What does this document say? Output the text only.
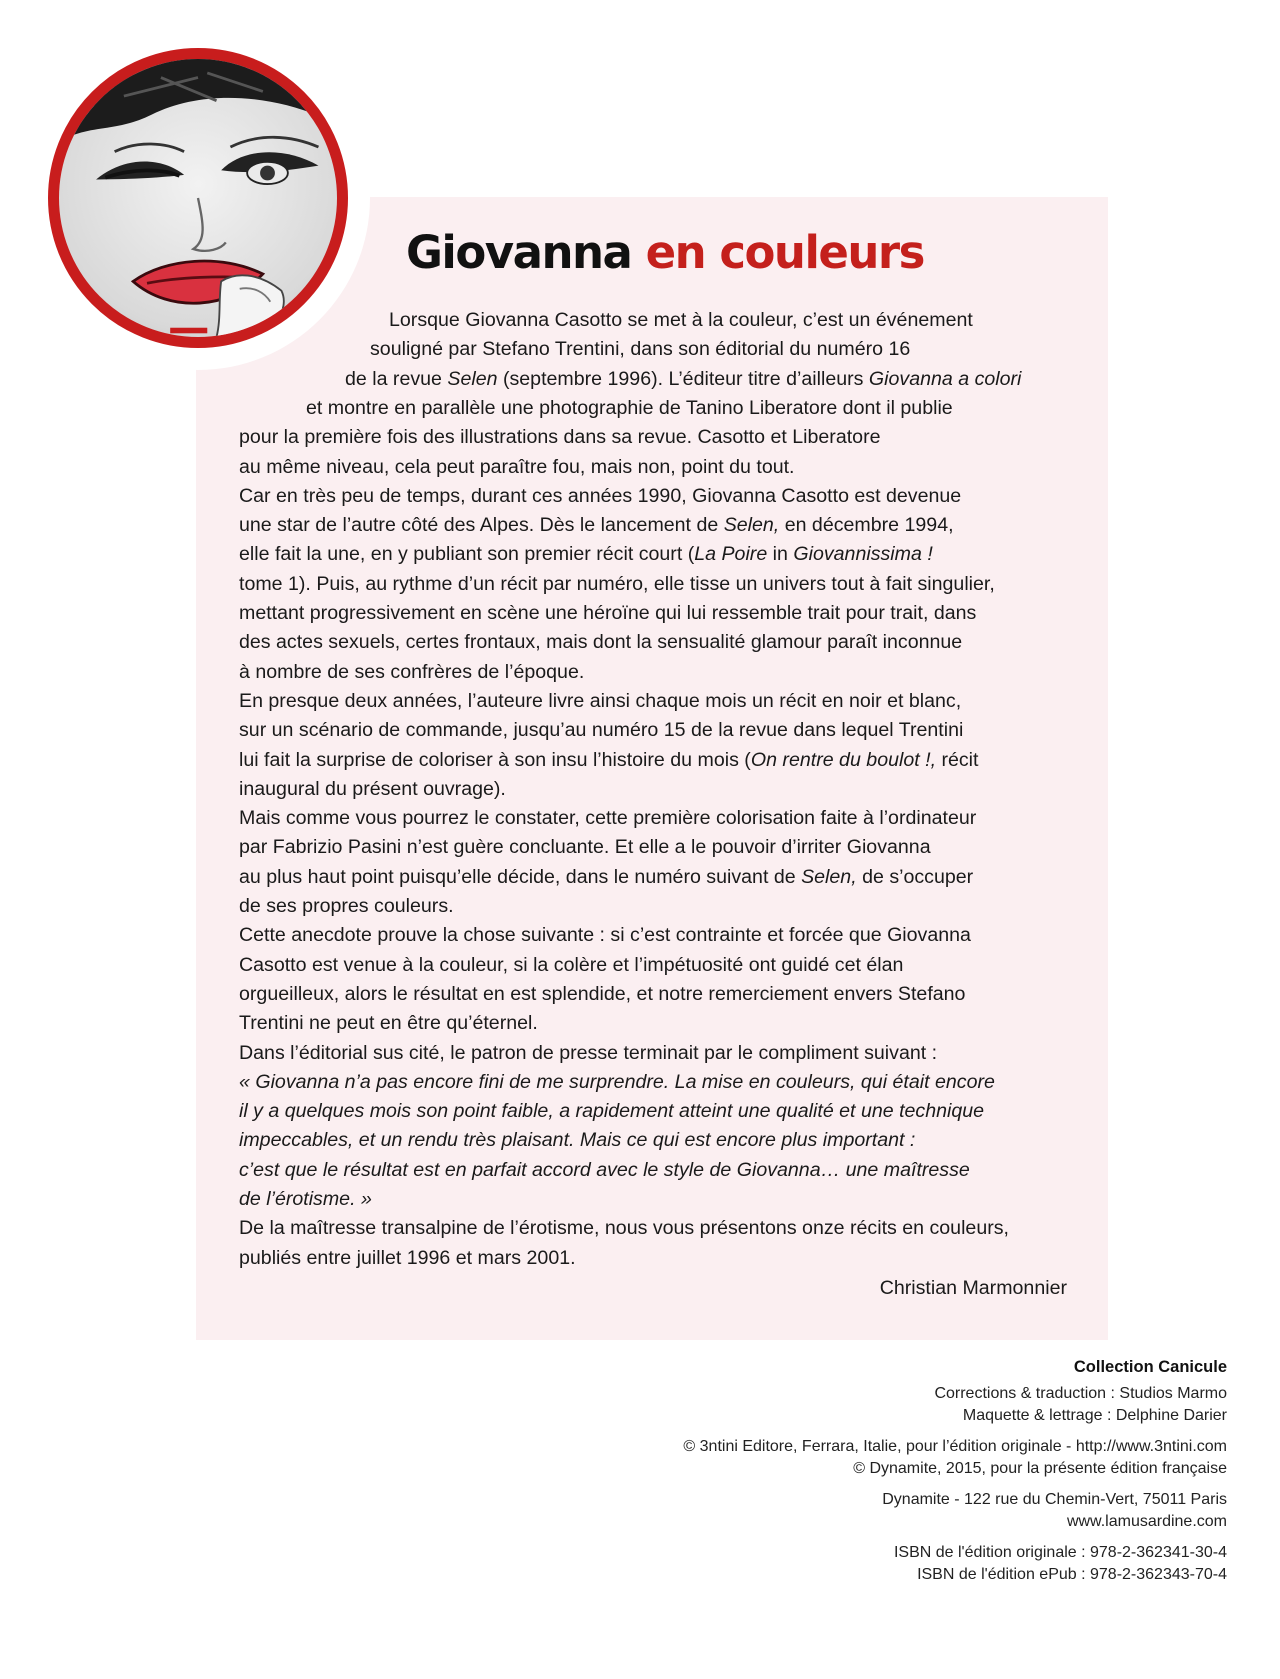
Giovanna en couleurs
Lorsque Giovanna Casotto se met à la couleur, c’est un événement
souligné par Stefano Trentini, dans son éditorial du numéro 16
de la revue Selen (septembre 1996). L’éditeur titre d’ailleurs Giovanna a colori
et montre en parallèle une photographie de Tanino Liberatore dont il publie
pour la première fois des illustrations dans sa revue. Casotto et Liberatore
au même niveau, cela peut paraître fou, mais non, point du tout.
Car en très peu de temps, durant ces années 1990, Giovanna Casotto est devenue
une star de l’autre côté des Alpes. Dès le lancement de Selen, en décembre 1994,
elle fait la une, en y publiant son premier récit court (La Poire in Giovannissima !
tome 1). Puis, au rythme d’un récit par numéro, elle tisse un univers tout à fait singulier,
mettant progressivement en scène une héroïne qui lui ressemble trait pour trait, dans
des actes sexuels, certes frontaux, mais dont la sensualité glamour paraît inconnue
à nombre de ses confrères de l’époque.
En presque deux années, l’auteure livre ainsi chaque mois un récit en noir et blanc,
sur un scénario de commande, jusqu’au numéro 15 de la revue dans lequel Trentini
lui fait la surprise de coloriser à son insu l’histoire du mois (On rentre du boulot !, récit
inaugural du présent ouvrage).
Mais comme vous pourrez le constater, cette première colorisation faite à l’ordinateur
par Fabrizio Pasini n’est guère concluante. Et elle a le pouvoir d’irriter Giovanna
au plus haut point puisqu’elle décide, dans le numéro suivant de Selen, de s’occuper
de ses propres couleurs.
Cette anecdote prouve la chose suivante : si c’est contrainte et forcée que Giovanna
Casotto est venue à la couleur, si la colère et l’impétuosité ont guidé cet élan
orgueilleux, alors le résultat en est splendide, et notre remerciement envers Stefano
Trentini ne peut en être qu’éternel.
Dans l’éditorial sus cité, le patron de presse terminait par le compliment suivant :
« Giovanna n’a pas encore fini de me surprendre. La mise en couleurs, qui était encore
il y a quelques mois son point faible, a rapidement atteint une qualité et une technique
impeccables, et un rendu très plaisant. Mais ce qui est encore plus important :
c’est que le résultat est en parfait accord avec le style de Giovanna… une maîtresse
de l’érotisme. »
De la maîtresse transalpine de l’érotisme, nous vous présentons onze récits en couleurs,
publiés entre juillet 1996 et mars 2001.
Christian Marmonnier
Collection Canicule
Corrections & traduction : Studios Marmo
Maquette & lettrage : Delphine Darier
© 3ntini Editore, Ferrara, Italie, pour l’édition originale - http://www.3ntini.com
© Dynamite, 2015, pour la présente édition française
Dynamite - 122 rue du Chemin-Vert, 75011 Paris
www.lamusardine.com
ISBN de l'édition originale : 978-2-362341-30-4
ISBN de l'édition ePub : 978-2-362343-70-4
